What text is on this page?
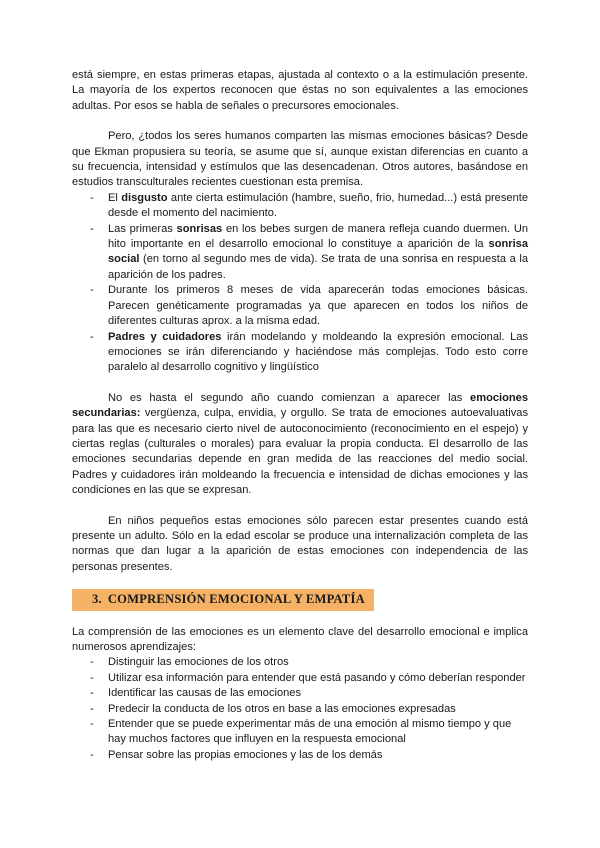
está siempre, en estas primeras etapas, ajustada al contexto o a la estimulación presente. La mayoría de los expertos reconocen que éstas no son equivalentes a las emociones adultas. Por esos se habla de señales o precursores emocionales.

Pero, ¿todos los seres humanos comparten las mismas emociones básicas? Desde que Ekman propusiera su teoría, se asume que sí, aunque existan diferencias en cuanto a su frecuencia, intensidad y estímulos que las desencadenan. Otros autores, basándose en estudios transculturales recientes cuestionan esta premisa.

- El disgusto ante cierta estimulación (hambre, sueño, frio, humedad...) está presente desde el momento del nacimiento.
- Las primeras sonrisas en los bebes surgen de manera refleja cuando duermen. Un hito importante en el desarrollo emocional lo constituye a aparición de la sonrisa social (en torno al segundo mes de vida). Se trata de una sonrisa en respuesta a la aparición de los padres.
- Durante los primeros 8 meses de vida aparecerán todas emociones básicas. Parecen genéticamente programadas ya que aparecen en todos los niños de diferentes culturas aprox. a la misma edad.
- Padres y cuidadores irán modelando y moldeando la expresión emocional. Las emociones se irán diferenciando y haciéndose más complejas. Todo esto corre paralelo al desarrollo cognitivo y lingüístico

No es hasta el segundo año cuando comienzan a aparecer las emociones secundarias: vergüenza, culpa, envidia, y orgullo. Se trata de emociones autoevaluativas para las que es necesario cierto nivel de autoconocimiento (reconocimiento en el espejo) y ciertas reglas (culturales o morales) para evaluar la propia conducta. El desarrollo de las emociones secundarias depende en gran medida de las reacciones del medio social. Padres y cuidadores irán moldeando la frecuencia e intensidad de dichas emociones y las condiciones en las que se expresan.

En niños pequeños estas emociones sólo parecen estar presentes cuando está presente un adulto. Sólo en la edad escolar se produce una internalización completa de las normas que dan lugar a la aparición de estas emociones con independencia de las personas presentes.

3. COMPRENSIÓN EMOCIONAL Y EMPATÍA

La comprensión de las emociones es un elemento clave del desarrollo emocional e implica numerosos aprendizajes:

- Distinguir las emociones de los otros
- Utilizar esa información para entender que está pasando y cómo deberían responder
- Identificar las causas de las emociones
- Predecir la conducta de los otros en base a las emociones expresadas
- Entender que se puede experimentar más de una emoción al mismo tiempo y que hay muchos factores que influyen en la respuesta emocional
- Pensar sobre las propias emociones y las de los demás
